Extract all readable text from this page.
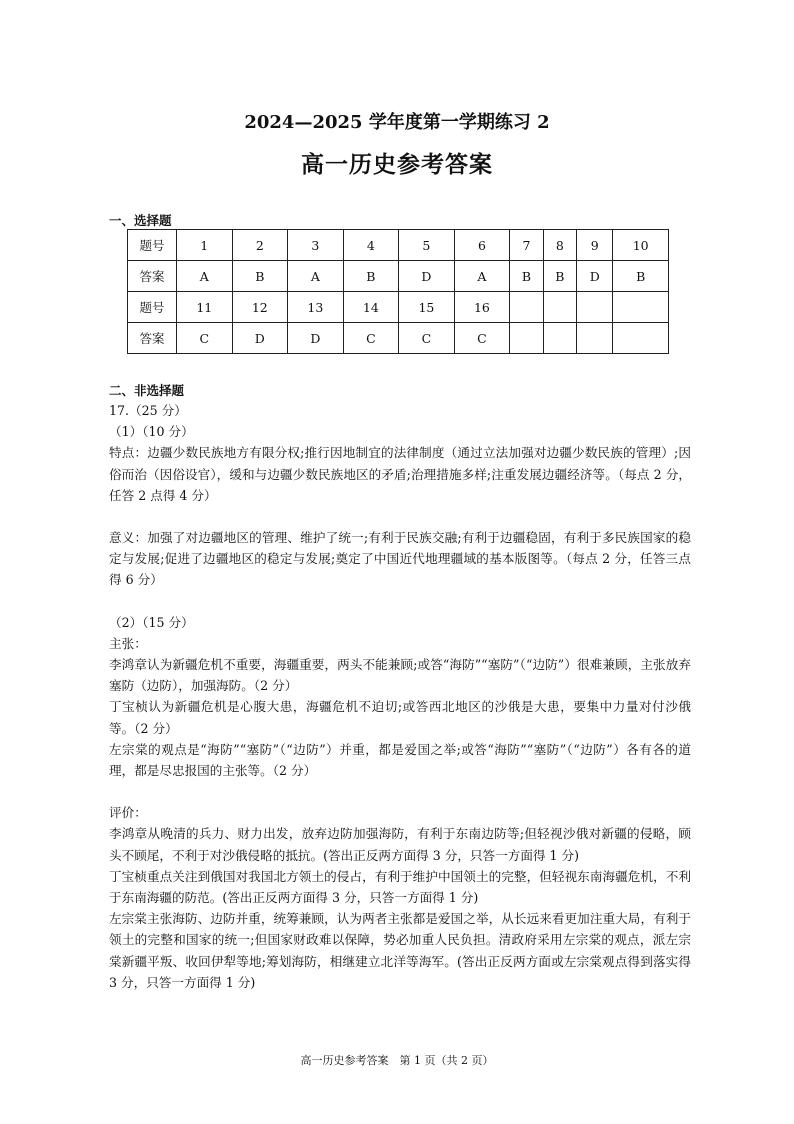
2024—2025 学年度第一学期练习 2
高一历史参考答案
一、选择题
题号	1	2	3	4	5	6	7	8	9	10
答案	A	B	A	B	D	A	B	B	D	B
题号	11	12	13	14	15	16				
答案	C	D	D	C	C	C				
二、非选择题

17.（25 分）

（1）（10 分）

特点：边疆少数民族地方有限分权;推行因地制宜的法律制度（通过立法加强对边疆少数民族的管理）;因俗而治（因俗设官），缓和与边疆少数民族地区的矛盾;治理措施多样;注重发展边疆经济等。（每点 2 分，任答 2 点得 4 分）

意义：加强了对边疆地区的管理、维护了统一;有利于民族交融;有利于边疆稳固，有利于多民族国家的稳定与发展;促进了边疆地区的稳定与发展;奠定了中国近代地理疆域的基本版图等。（每点 2 分，任答三点得 6 分）

（2）（15 分）

主张：

李鸿章认为新疆危机不重要，海疆重要，两头不能兼顾;或答“海防”“塞防”（“边防”）很难兼顾，主张放弃塞防（边防），加强海防。（2 分）

丁宝桢认为新疆危机是心腹大患，海疆危机不迫切;或答西北地区的沙俄是大患，要集中力量对付沙俄等。（2 分）

左宗棠的观点是“海防”“塞防”（“边防”）并重，都是爱国之举;或答“海防”“塞防”（“边防”）各有各的道理，都是尽忠报国的主张等。（2 分）

评价：

李鸿章从晚清的兵力、财力出发，放弃边防加强海防，有利于东南边防等;但轻视沙俄对新疆的侵略，顾头不顾尾，不利于对沙俄侵略的抵抗。(答出正反两方面得 3 分，只答一方面得 1 分)

丁宝桢重点关注到俄国对我国北方领土的侵占，有利于维护中国领土的完整，但轻视东南海疆危机，不利于东南海疆的防范。(答出正反两方面得 3 分，只答一方面得 1 分)

左宗棠主张海防、边防并重，统筹兼顾，认为两者主张都是爱国之举，从长远来看更加注重大局，有利于领土的完整和国家的统一;但国家财政难以保障，势必加重人民负担。清政府采用左宗棠的观点，派左宗棠新疆平叛、收回伊犁等地;筹划海防，相继建立北洋等海军。(答出正反两方面或左宗棠观点得到落实得 3 分，只答一方面得 1 分)

高一历史参考答案　第 1 页（共 2 页）
